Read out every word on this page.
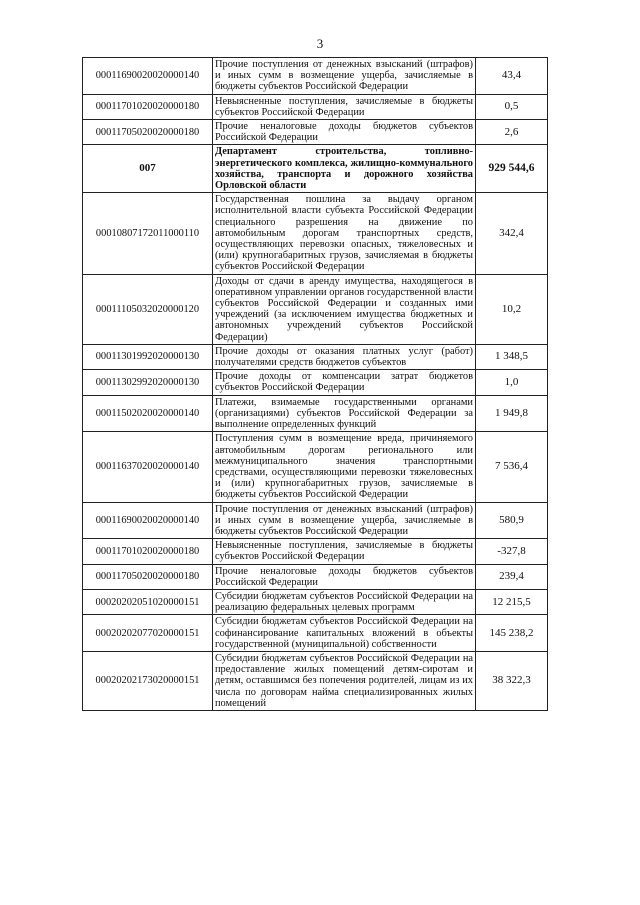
3
00011690020020000140	Прочие поступления от денежных взысканий (штрафов) и иных сумм в возмещение ущерба, зачисляемые в бюджеты субъектов Российской Федерации	43,4
00011701020020000180	Невыясненные поступления, зачисляемые в бюджеты субъектов Российской Федерации	0,5
00011705020020000180	Прочие неналоговые доходы бюджетов субъектов Российской Федерации	2,6
007	Департамент строительства, топливно-энергетического комплекса, жилищно-коммунального хозяйства, транспорта и дорожного хозяйства Орловской области	929 544,6
00010807172011000110	Государственная пошлина за выдачу органом исполнительной власти субъекта Российской Федерации специального разрешения на движение по автомобильным дорогам транспортных средств, осуществляющих перевозки опасных, тяжеловесных и (или) крупногабаритных грузов, зачисляемая в бюджеты субъектов Российской Федерации	342,4
00011105032020000120	Доходы от сдачи в аренду имущества, находящегося в оперативном управлении органов государственной власти субъектов Российской Федерации и созданных ими учреждений (за исключением имущества бюджетных и автономных учреждений субъектов Российской Федерации)	10,2
00011301992020000130	Прочие доходы от оказания платных услуг (работ) получателями средств бюджетов субъектов	1 348,5
00011302992020000130	Прочие доходы от компенсации затрат бюджетов субъектов Российской Федерации	1,0
00011502020020000140	Платежи, взимаемые государственными органами (организациями) субъектов Российской Федерации за выполнение определенных функций	1 949,8
00011637020020000140	Поступления сумм в возмещение вреда, причиняемого автомобильным дорогам регионального или межмуниципального значения транспортными средствами, осуществляющими перевозки тяжеловесных и (или) крупногабаритных грузов, зачисляемые в бюджеты субъектов Российской Федерации	7 536,4
00011690020020000140	Прочие поступления от денежных взысканий (штрафов) и иных сумм в возмещение ущерба, зачисляемые в бюджеты субъектов Российской Федерации	580,9
00011701020020000180	Невыясненные поступления, зачисляемые в бюджеты субъектов Российской Федерации	-327,8
00011705020020000180	Прочие неналоговые доходы бюджетов субъектов Российской Федерации	239,4
00020202051020000151	Субсидии бюджетам субъектов Российской Федерации на реализацию федеральных целевых программ	12 215,5
00020202077020000151	Субсидии бюджетам субъектов Российской Федерации на софинансирование капитальных вложений в объекты государственной (муниципальной) собственности	145 238,2
00020202173020000151	Субсидии бюджетам субъектов Российской Федерации на предоставление жилых помещений детям-сиротам и детям, оставшимся без попечения родителей, лицам из их числа по договорам найма специализированных жилых помещений	38 322,3
